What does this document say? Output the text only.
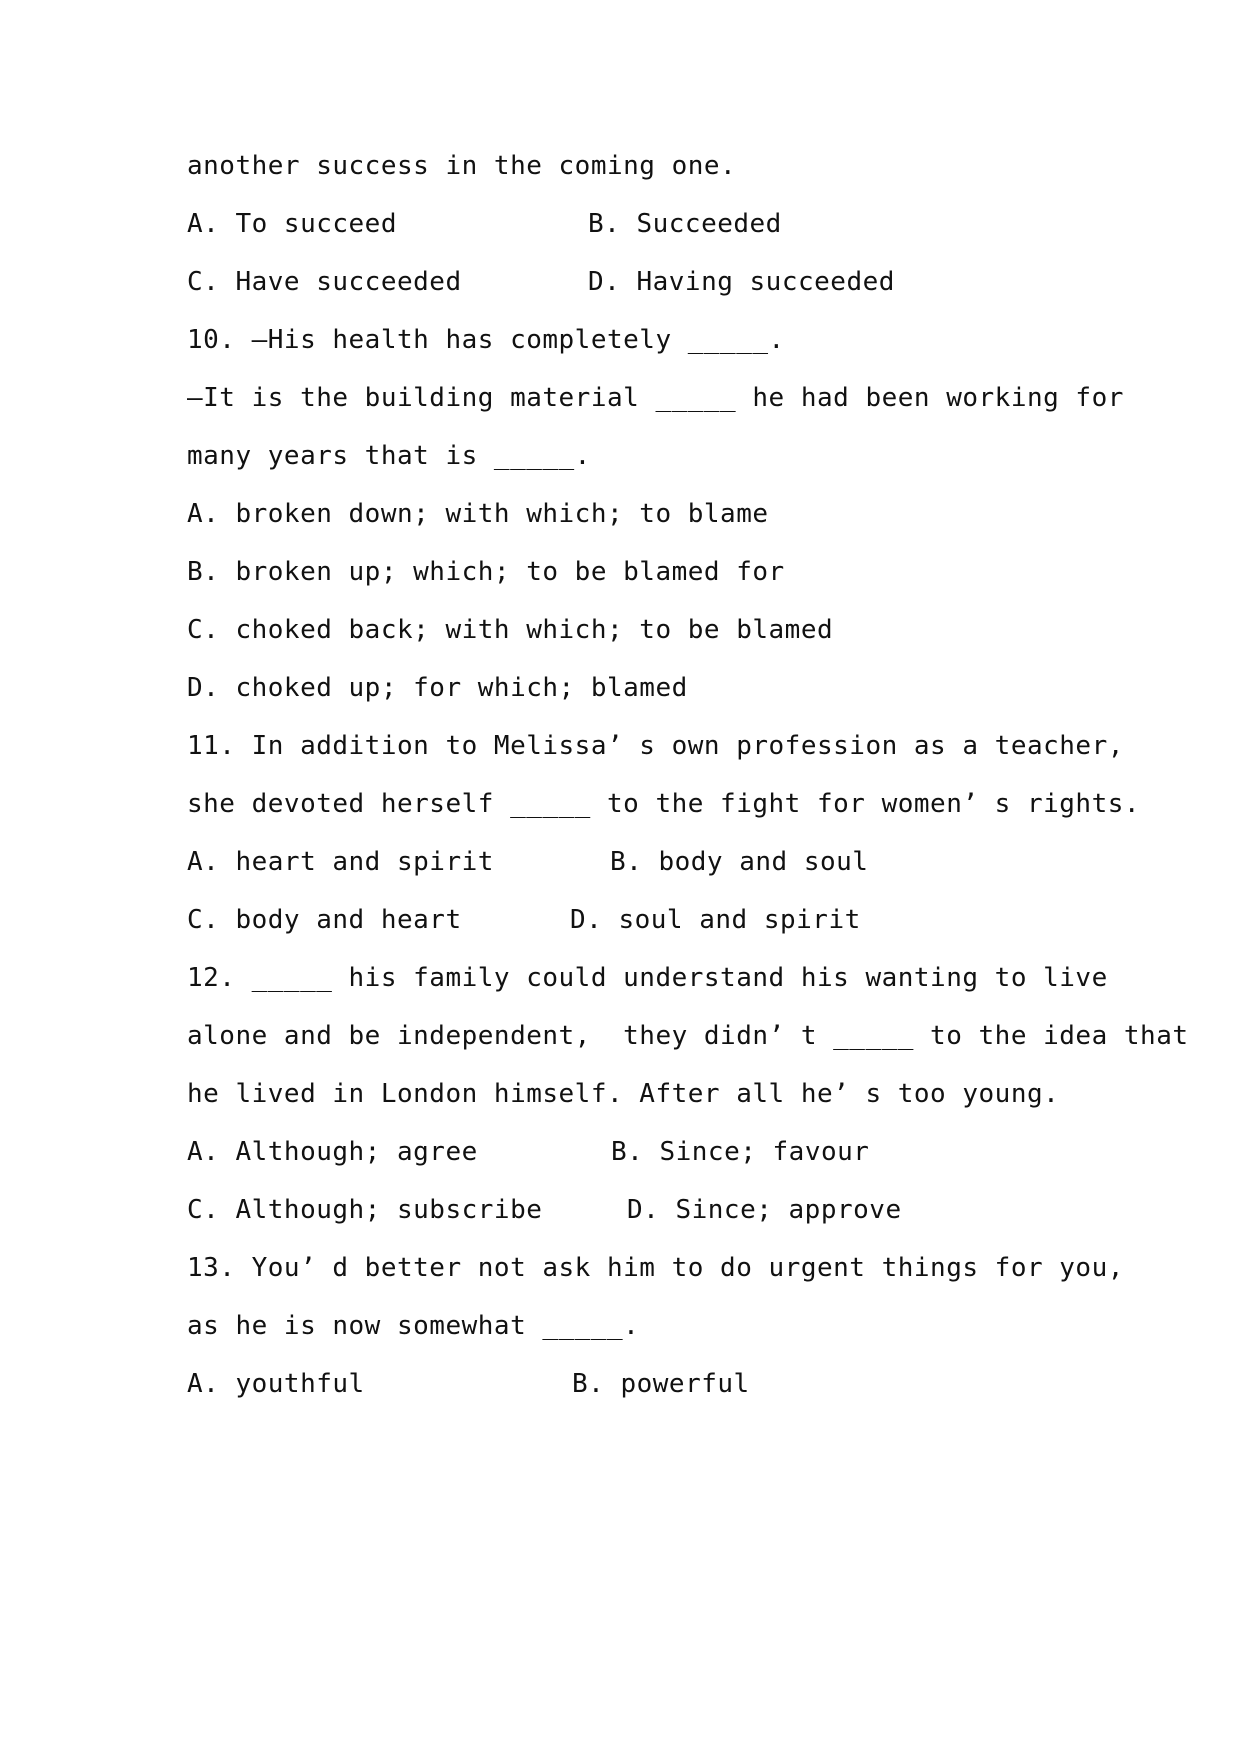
another success in the coming one.

A. To succeed

	B. Succeeded

C. Have succeeded

	D. Having succeeded

10. —His health has completely _____.
—It is the building material _____ he had been working for
many years that is _____.
A. broken down; with which; to blame
B. broken up; which; to be blamed for
C. choked back; with which; to be blamed
D. choked up; for which; blamed
11. In addition to Melissa’ s own profession as a teacher,
she devoted herself _____ to the fight for women’ s rights.

A. heart and spirit

	B. body and soul

C. body and heart

	D. soul and spirit

12. _____ his family could understand his wanting to live
alone and be independent,  they didn’ t _____ to the idea that
he lived in London himself. After all he’ s too young.

A. Although; agree

	B. Since; favour

C. Although; subscribe

	D. Since; approve

13. You’ d better not ask him to do urgent things for you,
as he is now somewhat _____.

A. youthful

	B. powerful
